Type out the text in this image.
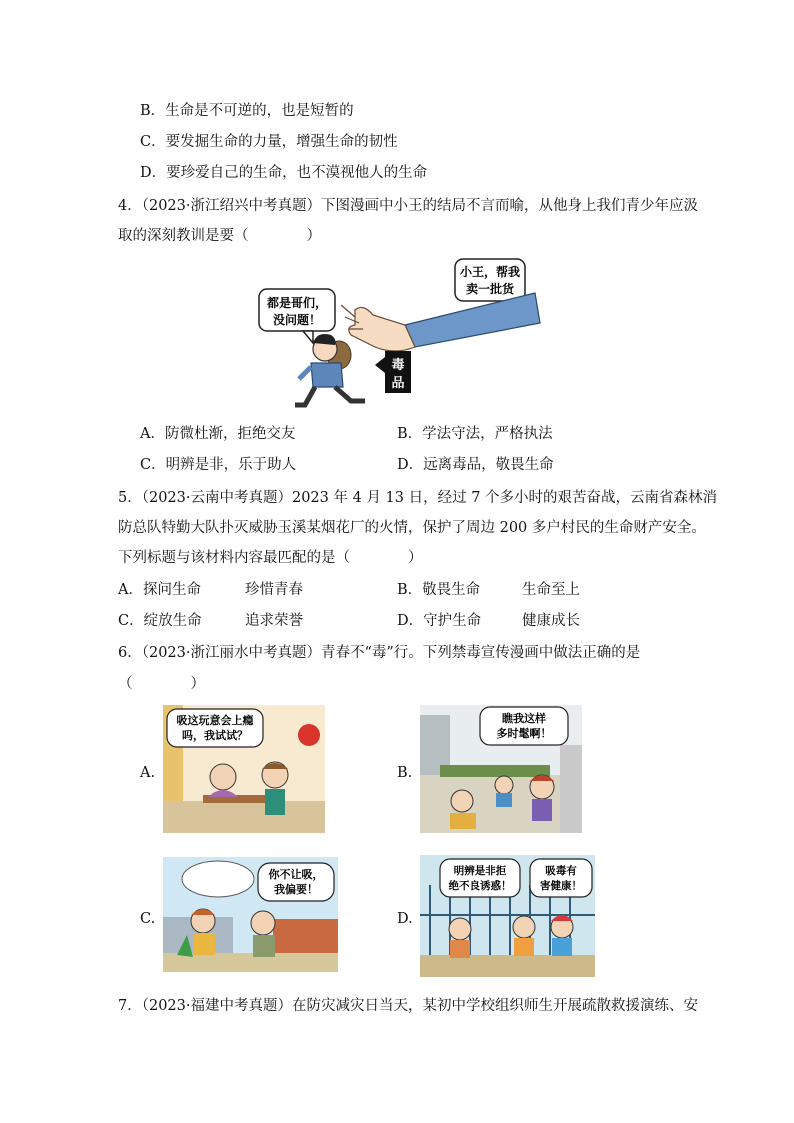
B．生命是不可逆的，也是短暂的
C．要发掘生命的力量，增强生命的韧性
D．要珍爱自己的生命，也不漠视他人的生命
4．（2023·浙江绍兴中考真题）下图漫画中小王的结局不言而喻，从他身上我们青少年应汲
取的深刻教训是要（　　　　）
都是哥们，
没问题！
小王，帮我
卖一批货
毒
品
A．防微杜渐，拒绝交友	B．学法守法，严格执法
C．明辨是非，乐于助人	D．远离毒品，敬畏生命
5．（2023·云南中考真题）2023 年 4 月 13 日，经过 7 个多小时的艰苦奋战，云南省森林消
防总队特勤大队扑灭威胁玉溪某烟花厂的火情，保护了周边 200 多户村民的生命财产安全。
下列标题与该材料内容最匹配的是（　　　　）
A．探问生命	珍惜青春	B．敬畏生命	生命至上
C．绽放生命	追求荣誉	D．守护生命	健康成长
6．（2023·浙江丽水中考真题）青春不“毒”行。下列禁毒宣传漫画中做法正确的是
（　　　　）
A.
吸这玩意会上瘾
吗，我试试？
B.
瞧我这样
多时髦啊！
C.
你不让吸，
我偏要！
D.
明辨是非拒
绝不良诱惑！
吸毒有
害健康！
7．（2023·福建中考真题）在防灾减灾日当天，某初中学校组织师生开展疏散救援演练、安
